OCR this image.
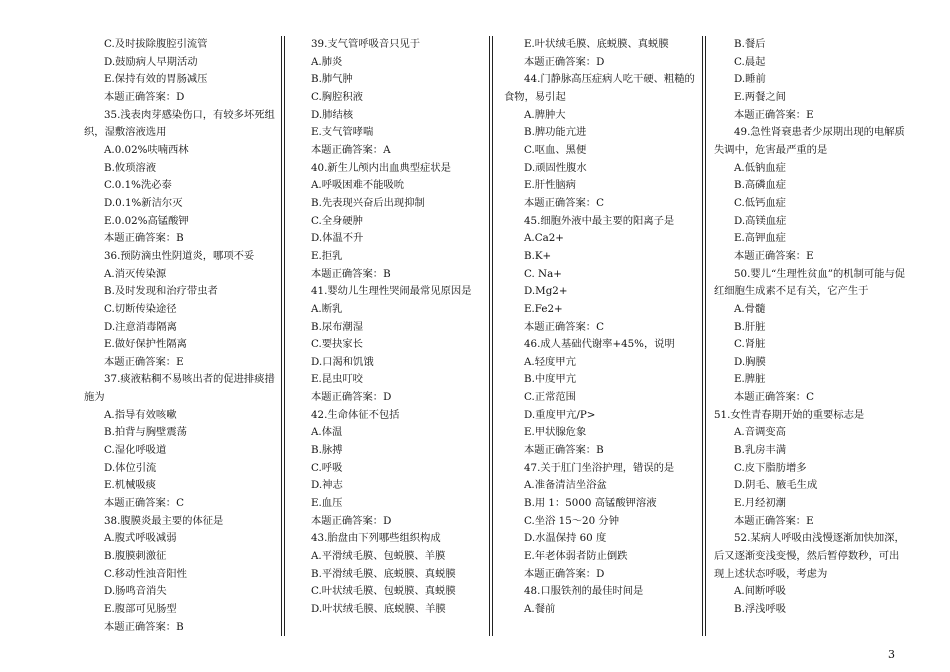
C.及时拔除腹腔引流管

D.鼓励病人早期活动

E.保持有效的胃肠减压

本题正确答案：D

35.浅表肉芽感染伤口，有较多坏死组织，湿敷溶液选用

A.0.02%呋喃西林

B.攸琐溶液

C.0.1%洗必泰

D.0.1%新洁尔灭

E.0.02%高锰酸钾

本题正确答案：B

36.预防滴虫性阴道炎，哪项不妥

A.消灭传染源

B.及时发现和治疗带虫者

C.切断传染途径

D.注意消毒隔离

E.做好保护性隔离

本题正确答案：E

37.痰液粘稠不易咳出者的促进排痰措施为

A.指导有效咳嗽

B.拍背与胸壁震荡

C.湿化呼吸道

D.体位引流

E.机械吸痰

本题正确答案：C

38.腹膜炎最主要的体征是

A.腹式呼吸减弱

B.腹膜刺激征

C.移动性浊音阳性

D.肠鸣音消失

E.腹部可见肠型

本题正确答案：B

39.支气管呼吸音只见于

A.肺炎

B.肺气肿

C.胸腔积液

D.肺结核

E.支气管哮喘

本题正确答案：A

40.新生儿颅内出血典型症状是

A.呼吸困难不能吸吮

B.先表现兴奋后出现抑制

C.全身硬肿

D.体温不升

E.拒乳

本题正确答案：B

41.婴幼儿生理性哭闹最常见原因是

A.断乳

B.尿布潮湿

C.要抉家长

D.口渴和饥饿

E.昆虫叮咬

本题正确答案：D

42.生命体征不包括

A.体温

B.脉搏

C.呼吸

D.神志

E.血压

本题正确答案：D

43.胎盘由下列哪些组织构成

A.平滑绒毛膜、包蜕膜、羊膜

B.平滑绒毛膜、底蜕膜、真蜕膜

C.叶状绒毛膜、包蜕膜、真蜕膜

D.叶状绒毛膜、底蜕膜、羊膜

E.叶状绒毛膜、底蜕膜、真蜕膜

本题正确答案：D

44.门静脉高压症病人吃干硬、粗糙的食物，易引起

A.脾肿大

B.脾功能亢进

C.呕血、黑便

D.顽固性腹水

E.肝性脑病

本题正确答案：C

45.细胞外液中最主要的阳离子是

A.Ca2+

B.K+

C. Na+

D.Mg2+

E.Fe2+

本题正确答案：C

46.成人基础代谢率+45%，说明

A.轻度甲亢

B.中度甲亢

C.正常范围

D.重度甲亢/P>

E.甲状腺危象

本题正确答案：B

47.关于肛门坐浴护理，错误的是

A.准备清洁坐浴盆

B.用 1：5000 高锰酸钾溶液

C.坐浴 15～20 分钟

D.水温保持 60 度

E.年老体弱者防止倒跌

本题正确答案：D

48.口服铁剂的最佳时间是

A.餐前

B.餐后

C.晨起

D.睡前

E.两餐之间

本题正确答案：E

49.急性肾衰患者少尿期出现的电解质失调中，危害最严重的是

A.低钠血症

B.高磷血症

C.低钙血症

D.高镁血症

E.高钾血症

本题正确答案：E

50.婴儿“生理性贫血”的机制可能与促红细胞生成素不足有关，它产生于

A.骨髓

B.肝脏

C.肾脏

D.胸膜

E.脾脏

本题正确答案：C

51.女性青春期开始的重要标志是

A.音调变高

B.乳房丰满

C.皮下脂肪增多

D.阴毛、腋毛生成

E.月经初潮

本题正确答案：E

52.某病人呼吸由浅慢逐渐加快加深，后又逐渐变浅变慢，然后暂停数秒，可出现上述状态呼吸，考虑为

A.间断呼吸

B.浮浅呼吸

3
